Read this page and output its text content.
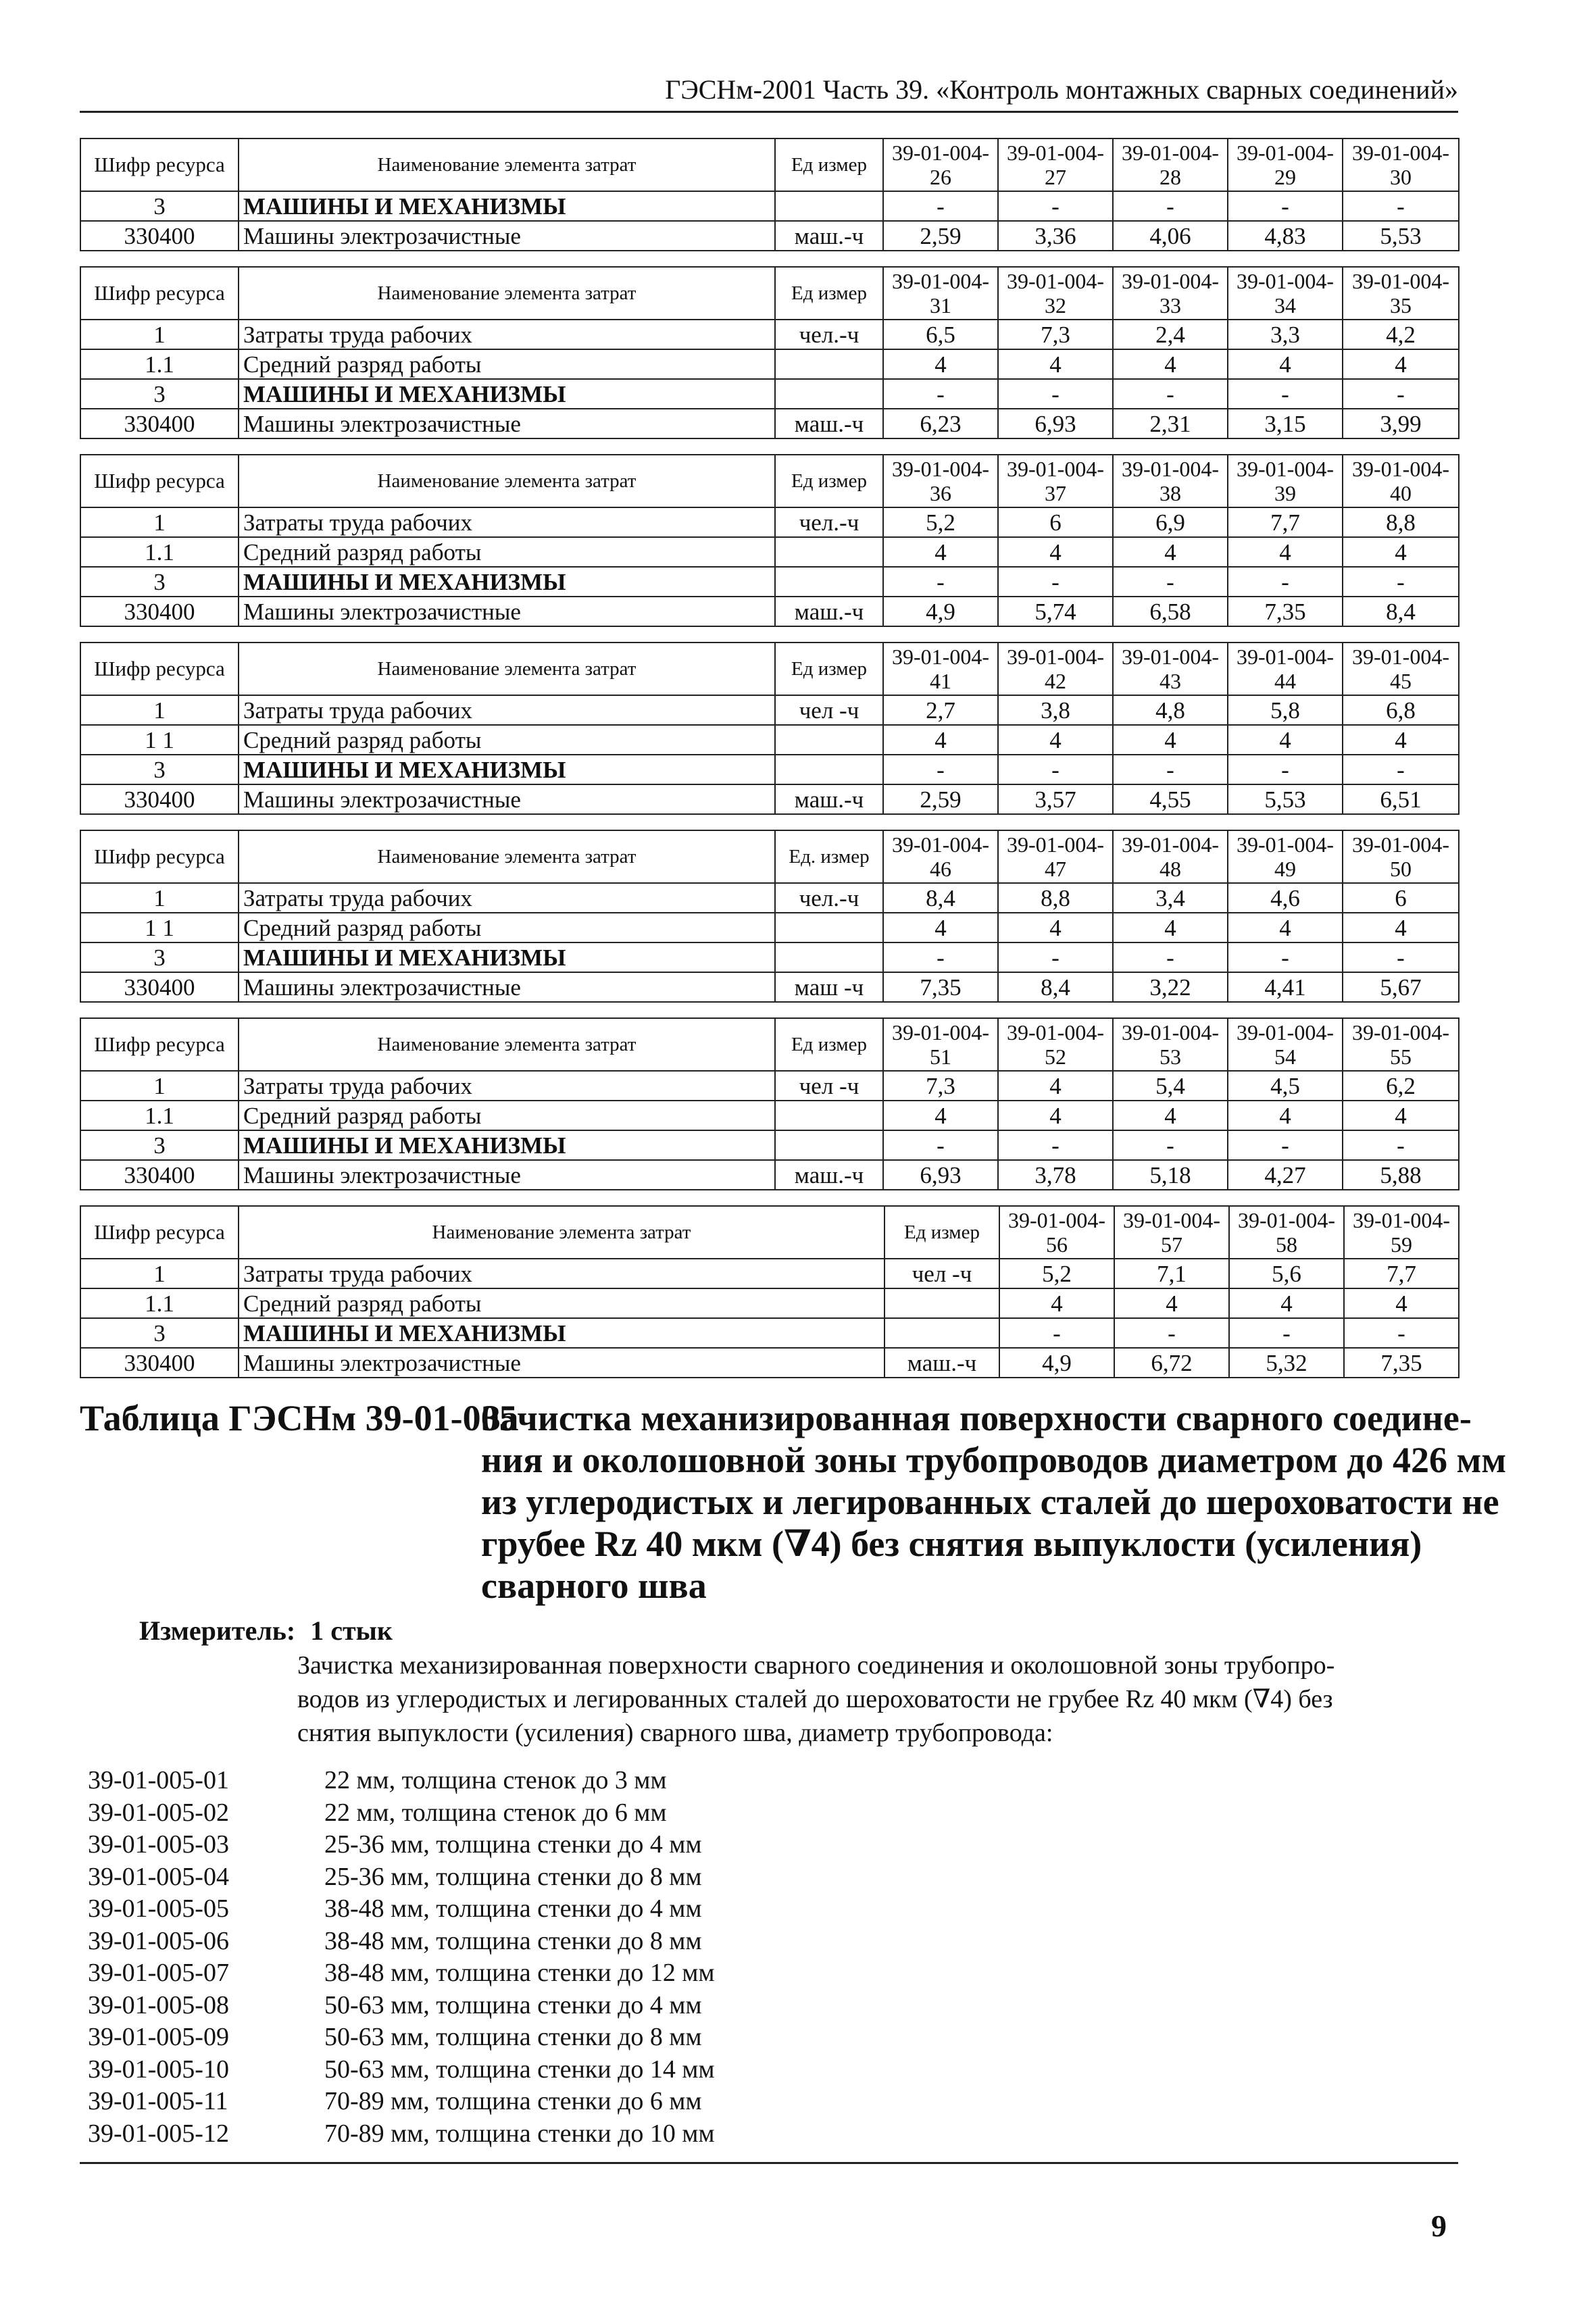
ГЭСНм-2001 Часть 39. «Контроль монтажных сварных соединений»
Шифр ресурса	Наименование элемента затрат	Ед измер	39-01-004-26	39-01-004-27	39-01-004-28	39-01-004-29	39-01-004-30
3	МАШИНЫ И МЕХАНИЗМЫ		-	-	-	-	-
330400	Машины электрозачистные	маш.-ч	2,59	3,36	4,06	4,83	5,53
Шифр ресурса	Наименование элемента затрат	Ед измер	39-01-004-31	39-01-004-32	39-01-004-33	39-01-004-34	39-01-004-35
1	Затраты труда рабочих	чел.-ч	6,5	7,3	2,4	3,3	4,2
1.1	Средний разряд работы		4	4	4	4	4
3	МАШИНЫ И МЕХАНИЗМЫ		-	-	-	-	-
330400	Машины электрозачистные	маш.-ч	6,23	6,93	2,31	3,15	3,99
Шифр ресурса	Наименование элемента затрат	Ед измер	39-01-004-36	39-01-004-37	39-01-004-38	39-01-004-39	39-01-004-40
1	Затраты труда рабочих	чел.-ч	5,2	6	6,9	7,7	8,8
1.1	Средний разряд работы		4	4	4	4	4
3	МАШИНЫ И МЕХАНИЗМЫ		-	-	-	-	-
330400	Машины электрозачистные	маш.-ч	4,9	5,74	6,58	7,35	8,4
Шифр ресурса	Наименование элемента затрат	Ед измер	39-01-004-41	39-01-004-42	39-01-004-43	39-01-004-44	39-01-004-45
1	Затраты труда рабочих	чел -ч	2,7	3,8	4,8	5,8	6,8
1 1	Средний разряд работы		4	4	4	4	4
3	МАШИНЫ И МЕХАНИЗМЫ		-	-	-	-	-
330400	Машины электрозачистные	маш.-ч	2,59	3,57	4,55	5,53	6,51
Шифр ресурса	Наименование элемента затрат	Ед. измер	39-01-004-46	39-01-004-47	39-01-004-48	39-01-004-49	39-01-004-50
1	Затраты труда рабочих	чел.-ч	8,4	8,8	3,4	4,6	6
1 1	Средний разряд работы		4	4	4	4	4
3	МАШИНЫ И МЕХАНИЗМЫ		-	-	-	-	-
330400	Машины электрозачистные	маш -ч	7,35	8,4	3,22	4,41	5,67
Шифр ресурса	Наименование элемента затрат	Ед измер	39-01-004-51	39-01-004-52	39-01-004-53	39-01-004-54	39-01-004-55
1	Затраты труда рабочих	чел -ч	7,3	4	5,4	4,5	6,2
1.1	Средний разряд работы		4	4	4	4	4
3	МАШИНЫ И МЕХАНИЗМЫ		-	-	-	-	-
330400	Машины электрозачистные	маш.-ч	6,93	3,78	5,18	4,27	5,88
Шифр ресурса	Наименование элемента затрат	Ед измер	39-01-004-56	39-01-004-57	39-01-004-58	39-01-004-59
1	Затраты труда рабочих	чел -ч	5,2	7,1	5,6	7,7
1.1	Средний разряд работы		4	4	4	4
3	МАШИНЫ И МЕХАНИЗМЫ		-	-	-	-
330400	Машины электрозачистные	маш.-ч	4,9	6,72	5,32	7,35
Таблица ГЭСНм 39-01-005
Зачистка механизированная поверхности сварного соедине-
ния и околошовной зоны трубопроводов диаметром до 426 мм
из углеродистых и легированных сталей до шероховатости не
грубее Rz 40 мкм (∇4) без снятия выпуклости (усиления)
сварного шва
Измеритель: 1 стык
Зачистка механизированная поверхности сварного соединения и околошовной зоны трубопро-
водов из углеродистых и легированных сталей до шероховатости не грубее Rz 40 мкм (∇4) без
снятия выпуклости (усиления) сварного шва, диаметр трубопровода:
39-01-005-01	22 мм, толщина стенок до 3 мм
39-01-005-02	22 мм, толщина стенок до 6 мм
39-01-005-03	25-36 мм, толщина стенки до 4 мм
39-01-005-04	25-36 мм, толщина стенки до 8 мм
39-01-005-05	38-48 мм, толщина стенки до 4 мм
39-01-005-06	38-48 мм, толщина стенки до 8 мм
39-01-005-07	38-48 мм, толщина стенки до 12 мм
39-01-005-08	50-63 мм, толщина стенки до 4 мм
39-01-005-09	50-63 мм, толщина стенки до 8 мм
39-01-005-10	50-63 мм, толщина стенки до 14 мм
39-01-005-11	70-89 мм, толщина стенки до 6 мм
39-01-005-12	70-89 мм, толщина стенки до 10 мм
9
